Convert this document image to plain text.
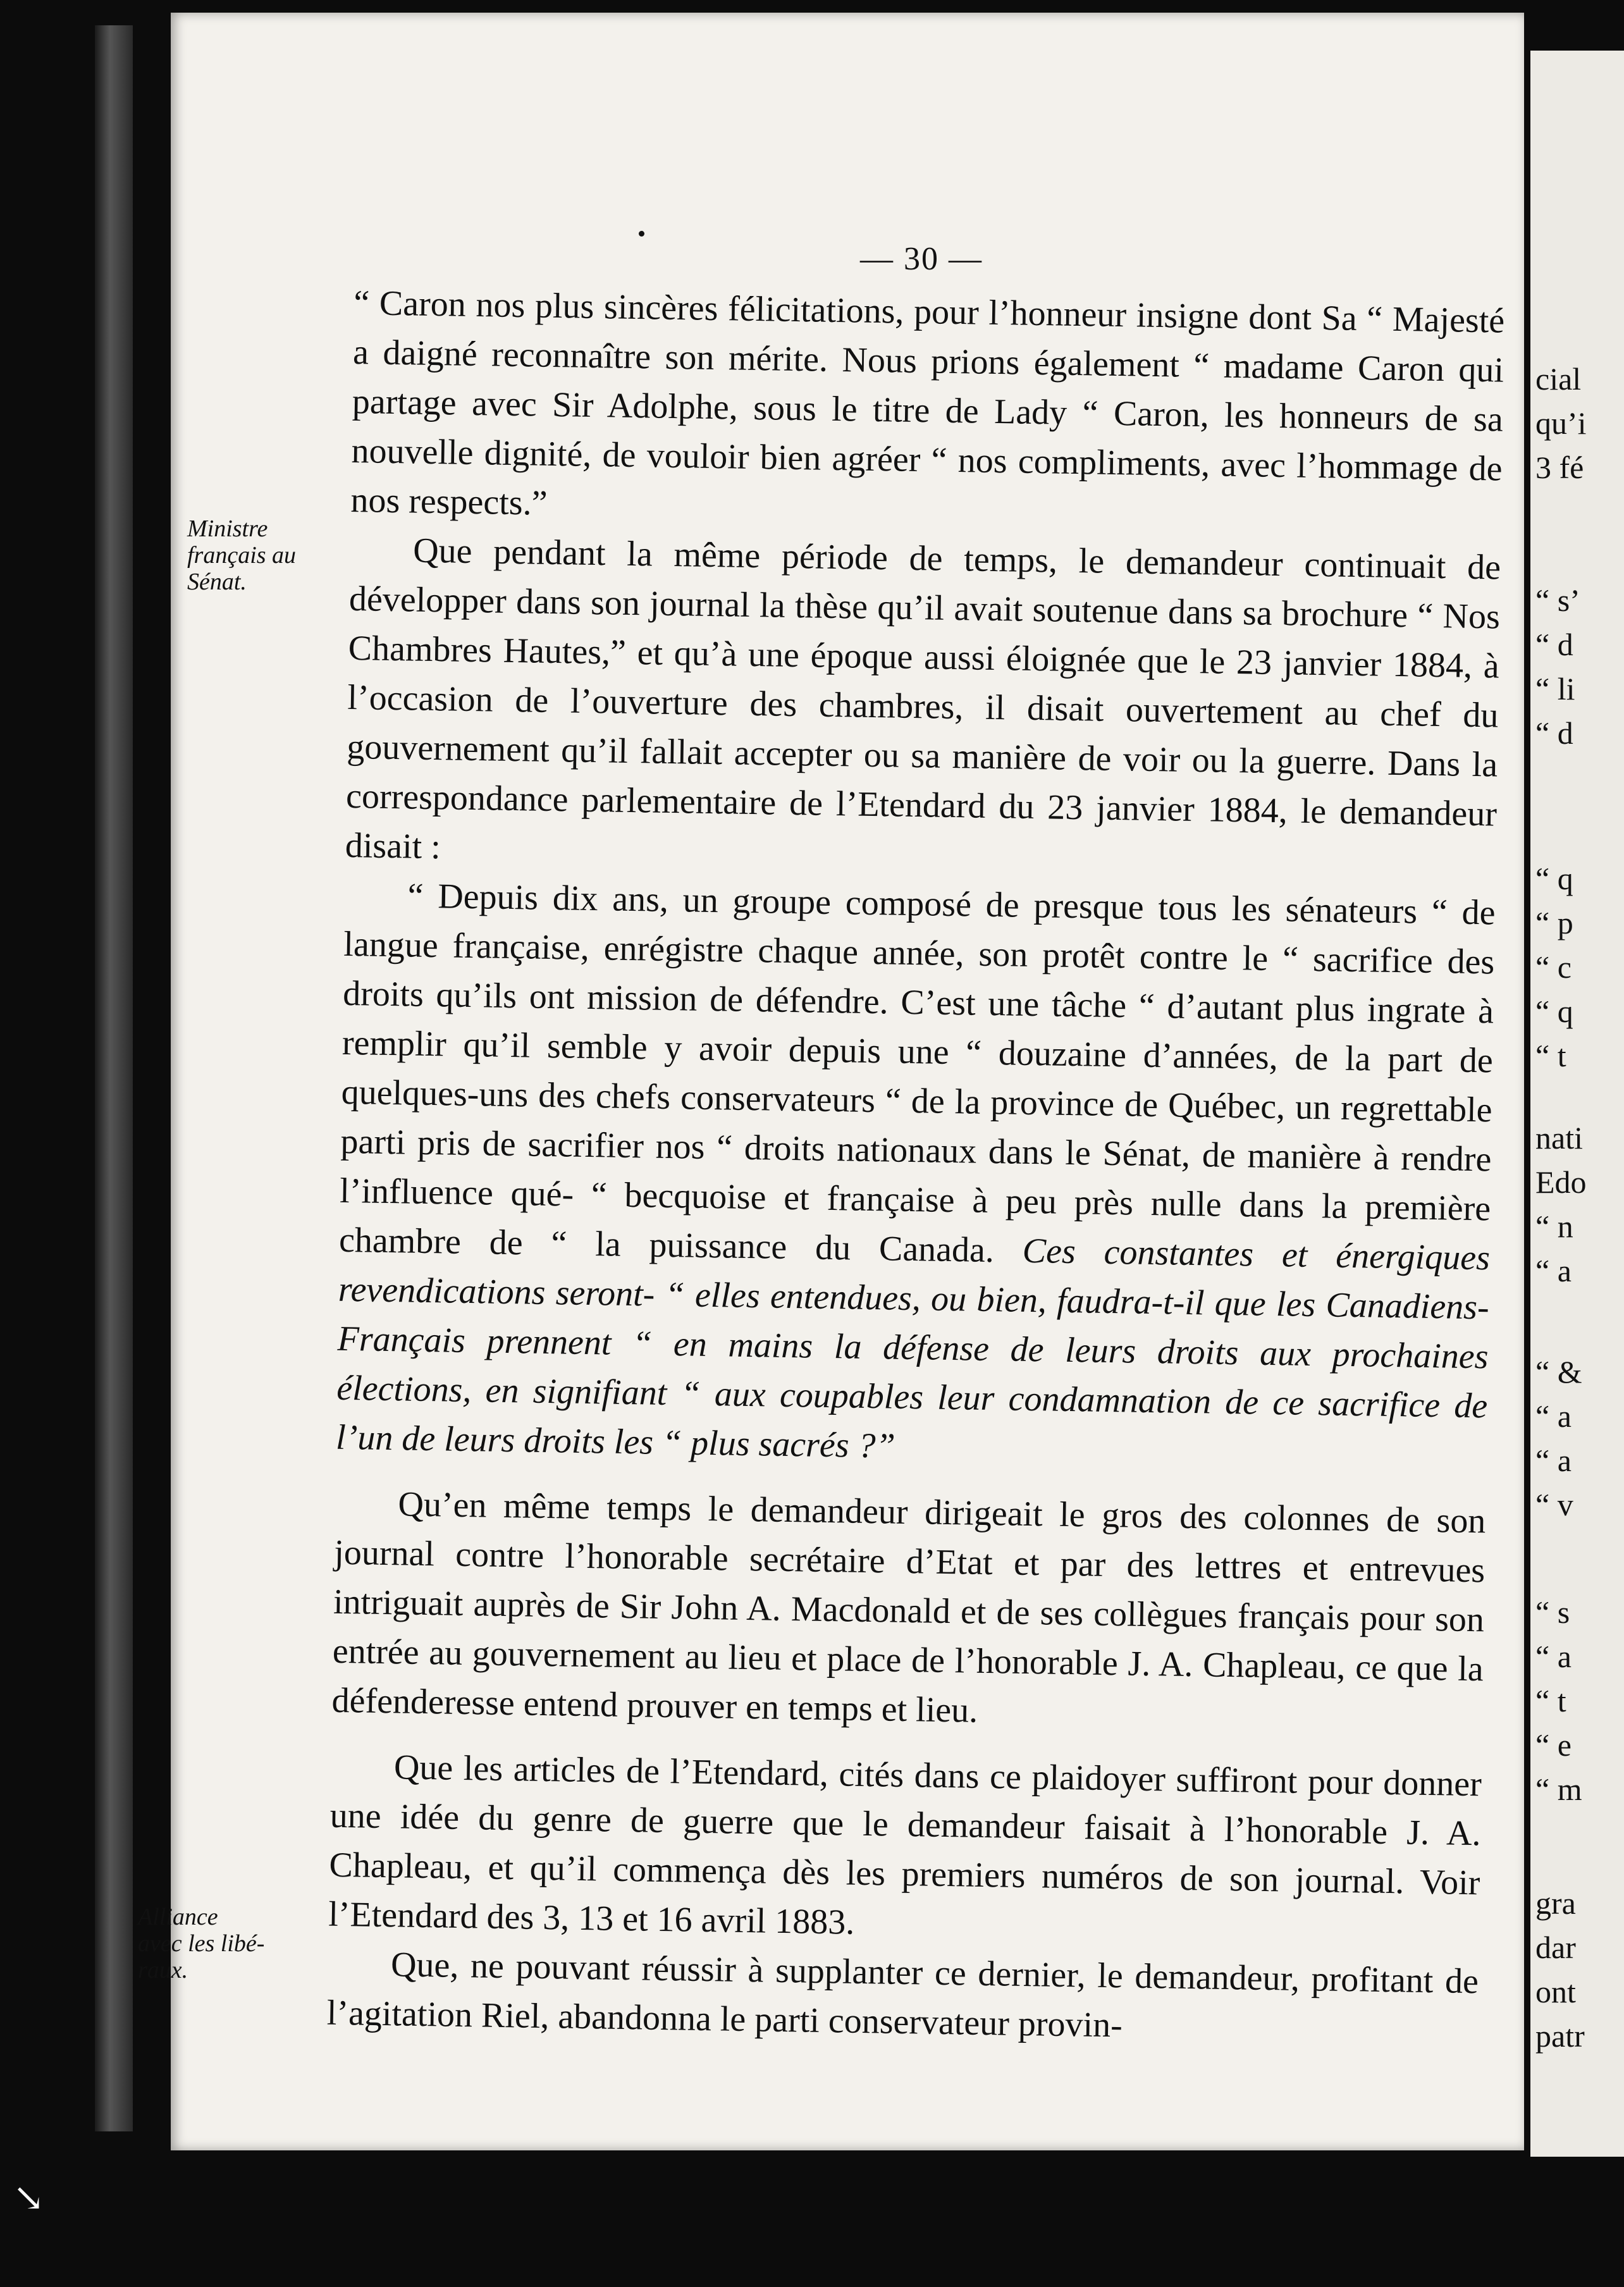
— 30 —
Ministre
français au
Sénat.
Alliance
avec les libé-
raux.

“ Caron nos plus sincères félicitations, pour l’honneur insigne dont Sa “ Majesté a daigné reconnaître son mérite. Nous prions également “ madame Caron qui partage avec Sir Adolphe, sous le titre de Lady “ Caron, les honneurs de sa nouvelle dignité, de vouloir bien agréer “ nos compliments, avec l’hommage de nos respects.”

Que pendant la même période de temps, le demandeur continuait de développer dans son journal la thèse qu’il avait soutenue dans sa brochure “ Nos Chambres Hautes,” et qu’à une époque aussi éloignée que le 23 janvier 1884, à l’occasion de l’ouverture des chambres, il disait ouvertement au chef du gouvernement qu’il fallait accepter ou sa manière de voir ou la guerre. Dans la correspondance parlementaire de l’Etendard du 23 janvier 1884, le demandeur disait :

“ Depuis dix ans, un groupe composé de presque tous les sénateurs “ de langue française, enrégistre chaque année, son protêt contre le “ sacrifice des droits qu’ils ont mission de défendre. C’est une tâche “ d’autant plus ingrate à remplir qu’il semble y avoir depuis une “ douzaine d’années, de la part de quelques-uns des chefs conservateurs “ de la province de Québec, un regrettable parti pris de sacrifier nos “ droits nationaux dans le Sénat, de manière à rendre l’influence qué- “ becquoise et française à peu près nulle dans la première chambre de “ la puissance du Canada. Ces constantes et énergiques revendications seront- “ elles entendues, ou bien, faudra-t-il que les Canadiens-Français prennent “ en mains la défense de leurs droits aux prochaines élections, en signifiant “ aux coupables leur condamnation de ce sacrifice de l’un de leurs droits les “ plus sacrés ?”

Qu’en même temps le demandeur dirigeait le gros des colonnes de son journal contre l’honorable secrétaire d’Etat et par des lettres et entrevues intriguait auprès de Sir John A. Macdonald et de ses collègues français pour son entrée au gouvernement au lieu et place de l’honorable J. A. Chapleau, ce que la défenderesse entend prouver en temps et lieu.

Que les articles de l’Etendard, cités dans ce plaidoyer suffiront pour donner une idée du genre de guerre que le demandeur faisait à l’honorable J. A. Chapleau, et qu’il commença dès les premiers numéros de son journal. Voir l’Etendard des 3, 13 et 16 avril 1883.

Que, ne pouvant réussir à supplanter ce dernier, le demandeur, profitant de l’agitation Riel, abandonna le parti conservateur provin-

cial
qu’i
3 fé
“ s’
“ d
“ li
“ d
“ q
“ p
“ c
“ q
“ t
nati
Edo
“ n
“ a
“ &
“ a
“ a
“ v
“ s
“ a
“ t
“ e
“ m
gra
dar
ont
patr
↘
